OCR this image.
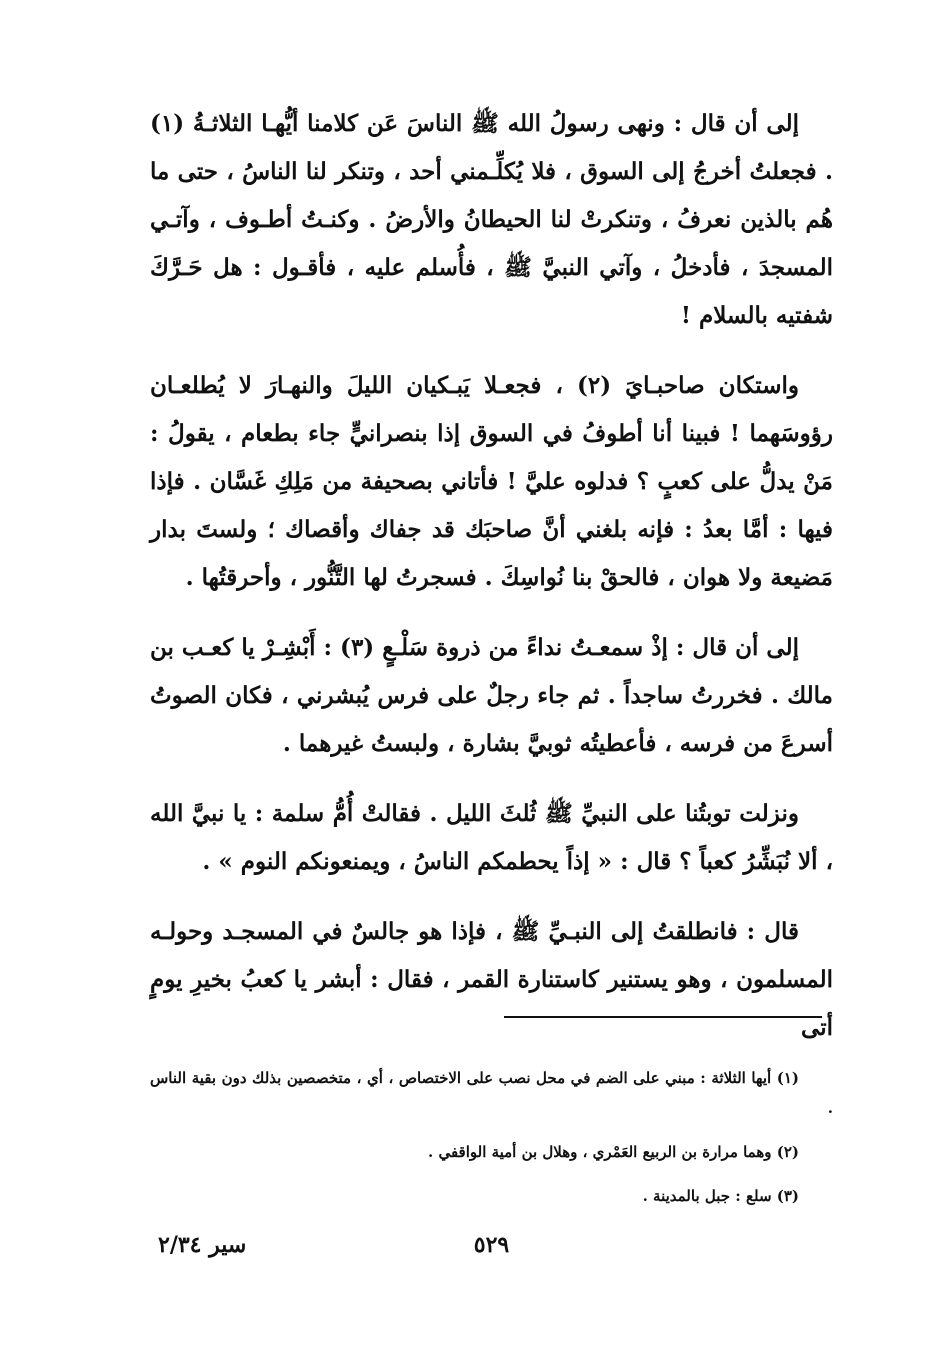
إلى أن قال : ونهى رسولُ الله ﷺ الناسَ عَن كلامنا أيُّهـا الثلاثـةُ (١) . فجعلتُ أخرجُ إلى السوق ، فلا يُكلِّـمني أحد ، وتنكر لنا الناسُ ، حتى ما هُم بالذين نعرفُ ، وتنكرتْ لنا الحيطانُ والأرضُ . وكنـتُ أطـوف ، وآتـي المسجدَ ، فأدخلُ ، وآتي النبيَّ ﷺ ، فأُسلم عليه ، فأقـول : هل حَـرَّكَ شفتيه بالسلام !

واستكان صاحبـايَ (٢) ، فجعـلا يَبـكيان الليلَ والنهـارَ لا يُطلعـان رؤوسَهما ! فبينا أنا أطوفُ في السوق إذا بنصرانيٍّ جاء بطعام ، يقولُ : مَنْ يدلُّ على كعبٍ ؟ فدلوه عليَّ ! فأتاني بصحيفة من مَلِكِ غَسَّان . فإذا فيها : أمَّا بعدُ : فإنه بلغني أنَّ صاحبَك قد جفاك وأقصاك ؛ ولستَ بدار مَضيعة ولا هوان ، فالحقْ بنا نُواسِكَ . فسجرتُ لها التَّنُّور ، وأحرقتُها .

إلى أن قال : إذْ سمعـتُ نداءً من ذروة سَلْـعٍ (٣) : أَبْشِـرْ يا كعـب بن مالك . فخررتُ ساجداً . ثم جاء رجلٌ على فرس يُبشرني ، فكان الصوتُ أسرعَ من فرسه ، فأعطيتُه ثوبيَّ بشارة ، ولبستُ غيرهما .

ونزلت توبتُنا على النبيِّ ﷺ ثُلثَ الليل . فقالتْ أُمُّ سلمة : يا نبيَّ الله ، ألا نُبَشِّرُ كعباً ؟ قال : « إذاً يحطمكم الناسُ ، ويمنعونكم النوم » .

قال : فانطلقتُ إلى النبـيِّ ﷺ ، فإذا هو جالسٌ في المسجـد وحولـه المسلمون ، وهو يستنير كاستنارة القمر ، فقال : أبشر يا كعبُ بخيرِ يومٍ أتى

(١) أيها الثلاثة : مبني على الضم في محل نصب على الاختصاص ، أي ، متخصصين بذلك دون بقية الناس .

(٢) وهما مرارة بن الربيع العَمْري ، وهلال بن أمية الواقفي .

(٣) سلع : جبل بالمدينة .

٥٢٩
سير ٢/٣٤
